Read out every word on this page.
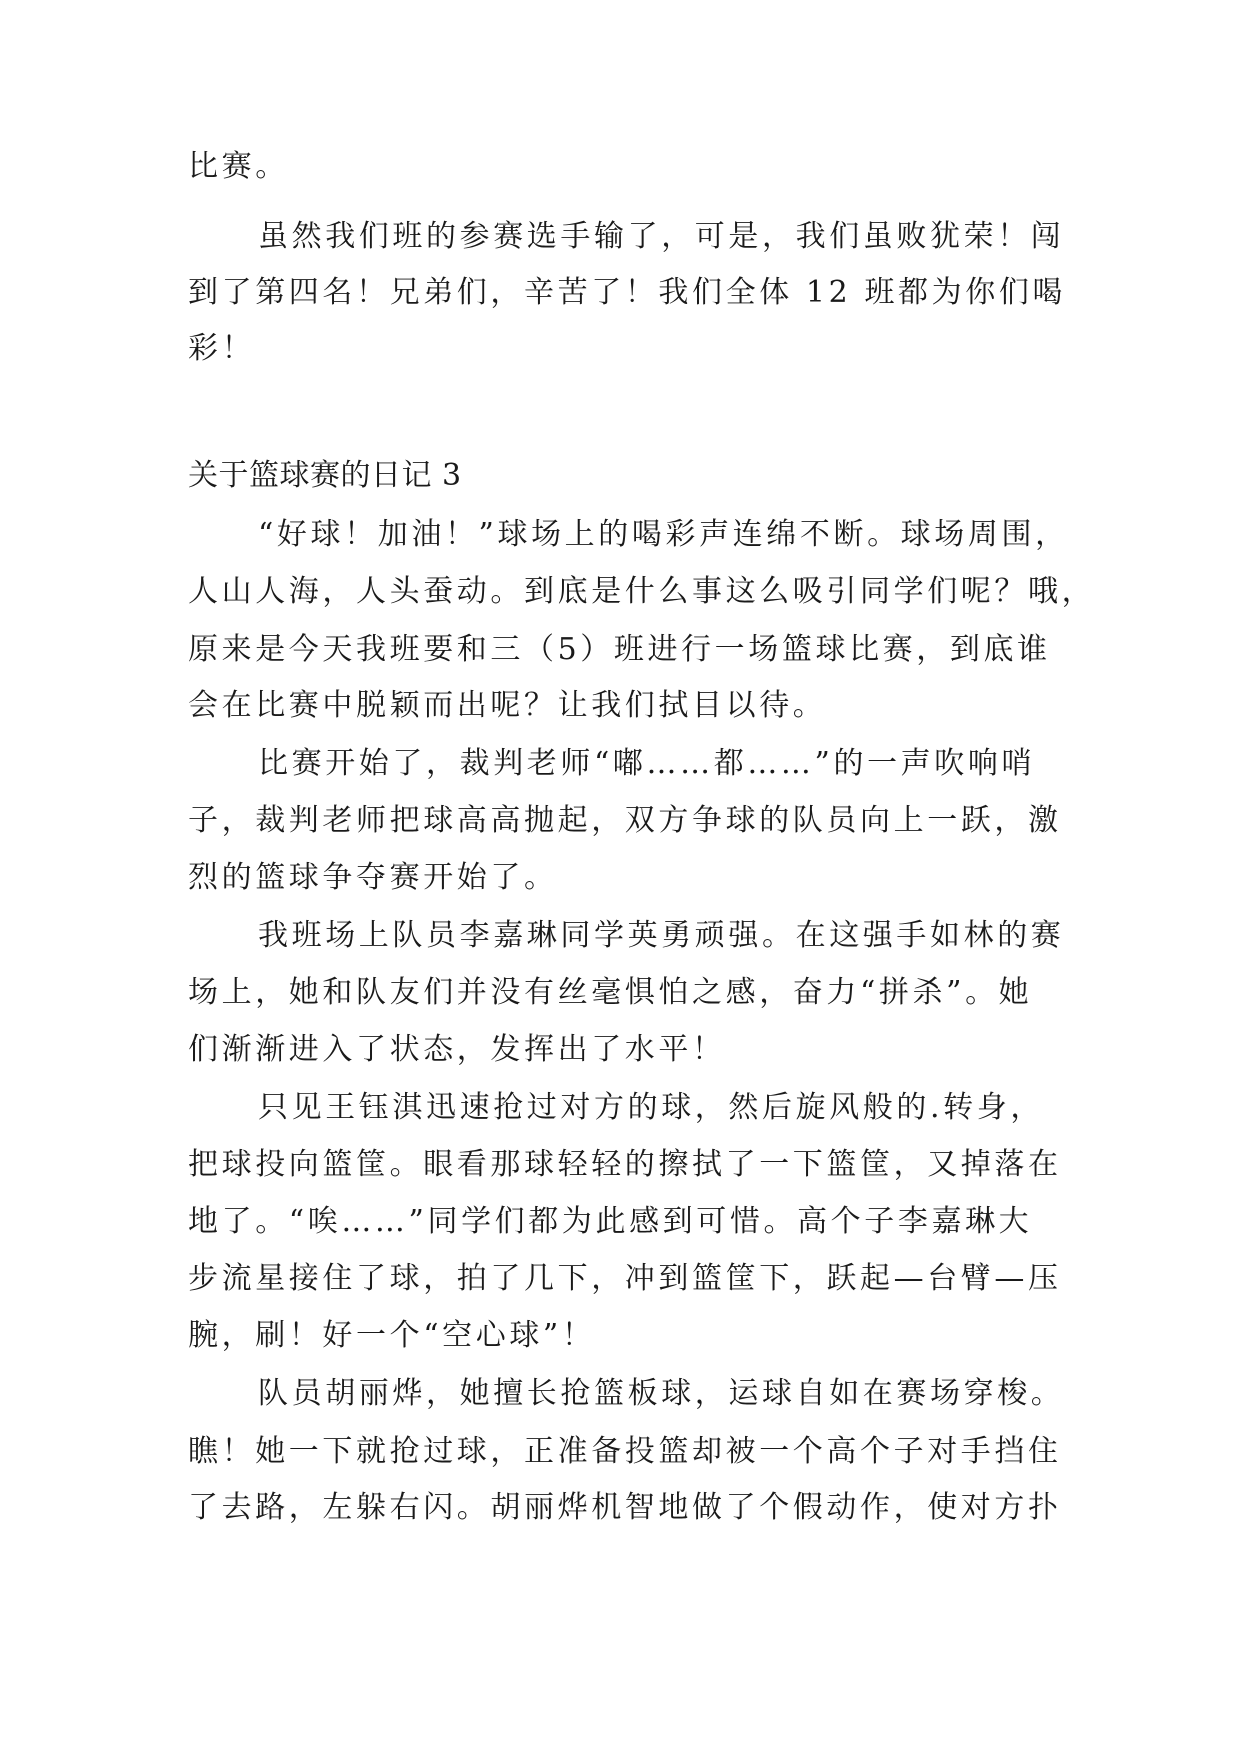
比赛。
虽然我们班的参赛选手输了，可是，我们虽败犹荣！闯
到了第四名！兄弟们，辛苦了！我们全体 12 班都为你们喝
彩！
关于篮球赛的日记 3
“好球！加油！”球场上的喝彩声连绵不断。球场周围，
人山人海，人头蚕动。到底是什么事这么吸引同学们呢？哦，
原来是今天我班要和三（5）班进行一场篮球比赛，到底谁
会在比赛中脱颖而出呢？让我们拭目以待。
比赛开始了，裁判老师“嘟……都……”的一声吹响哨
子，裁判老师把球高高抛起，双方争球的队员向上一跃，激
烈的篮球争夺赛开始了。
我班场上队员李嘉琳同学英勇顽强。在这强手如林的赛
场上，她和队友们并没有丝毫惧怕之感，奋力“拼杀”。她
们渐渐进入了状态，发挥出了水平！
只见王钰淇迅速抢过对方的球，然后旋风般的.转身，
把球投向篮筐。眼看那球轻轻的擦拭了一下篮筐，又掉落在
地了。“唉……”同学们都为此感到可惜。高个子李嘉琳大
步流星接住了球，拍了几下，冲到篮筐下，跃起—台臂—压
腕，刷！好一个“空心球”！
队员胡丽烨，她擅长抢篮板球，运球自如在赛场穿梭。
瞧！她一下就抢过球，正准备投篮却被一个高个子对手挡住
了去路，左躲右闪。胡丽烨机智地做了个假动作，使对方扑
